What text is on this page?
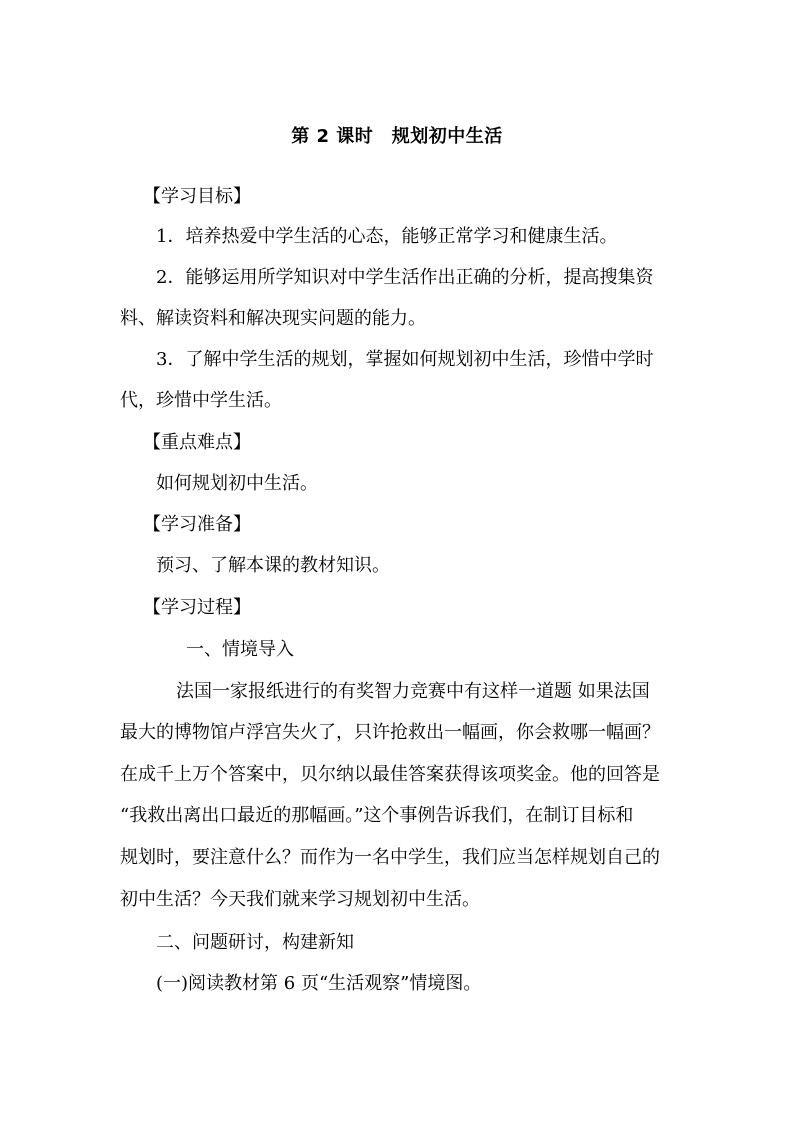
第 2 课时　规划初中生活
【学习目标】
1．培养热爱中学生活的心态，能够正常学习和健康生活。
2．能够运用所学知识对中学生活作出正确的分析，提高搜集资
料、解读资料和解决现实问题的能力。
3．了解中学生活的规划，掌握如何规划初中生活，珍惜中学时
代，珍惜中学生活。
【重点难点】
如何规划初中生活。
【学习准备】
预习、了解本课的教材知识。
【学习过程】
一、情境导入
法国一家报纸进行的有奖智力竞赛中有这样一道题 如果法国
最大的博物馆卢浮宫失火了，只许抢救出一幅画，你会救哪一幅画？
在成千上万个答案中，贝尔纳以最佳答案获得该项奖金。他的回答是
“我救出离出口最近的那幅画。”这个事例告诉我们，在制订目标和
规划时，要注意什么？而作为一名中学生，我们应当怎样规划自己的
初中生活？今天我们就来学习规划初中生活。
二、问题研讨，构建新知
(一)阅读教材第 6 页“生活观察”情境图。
